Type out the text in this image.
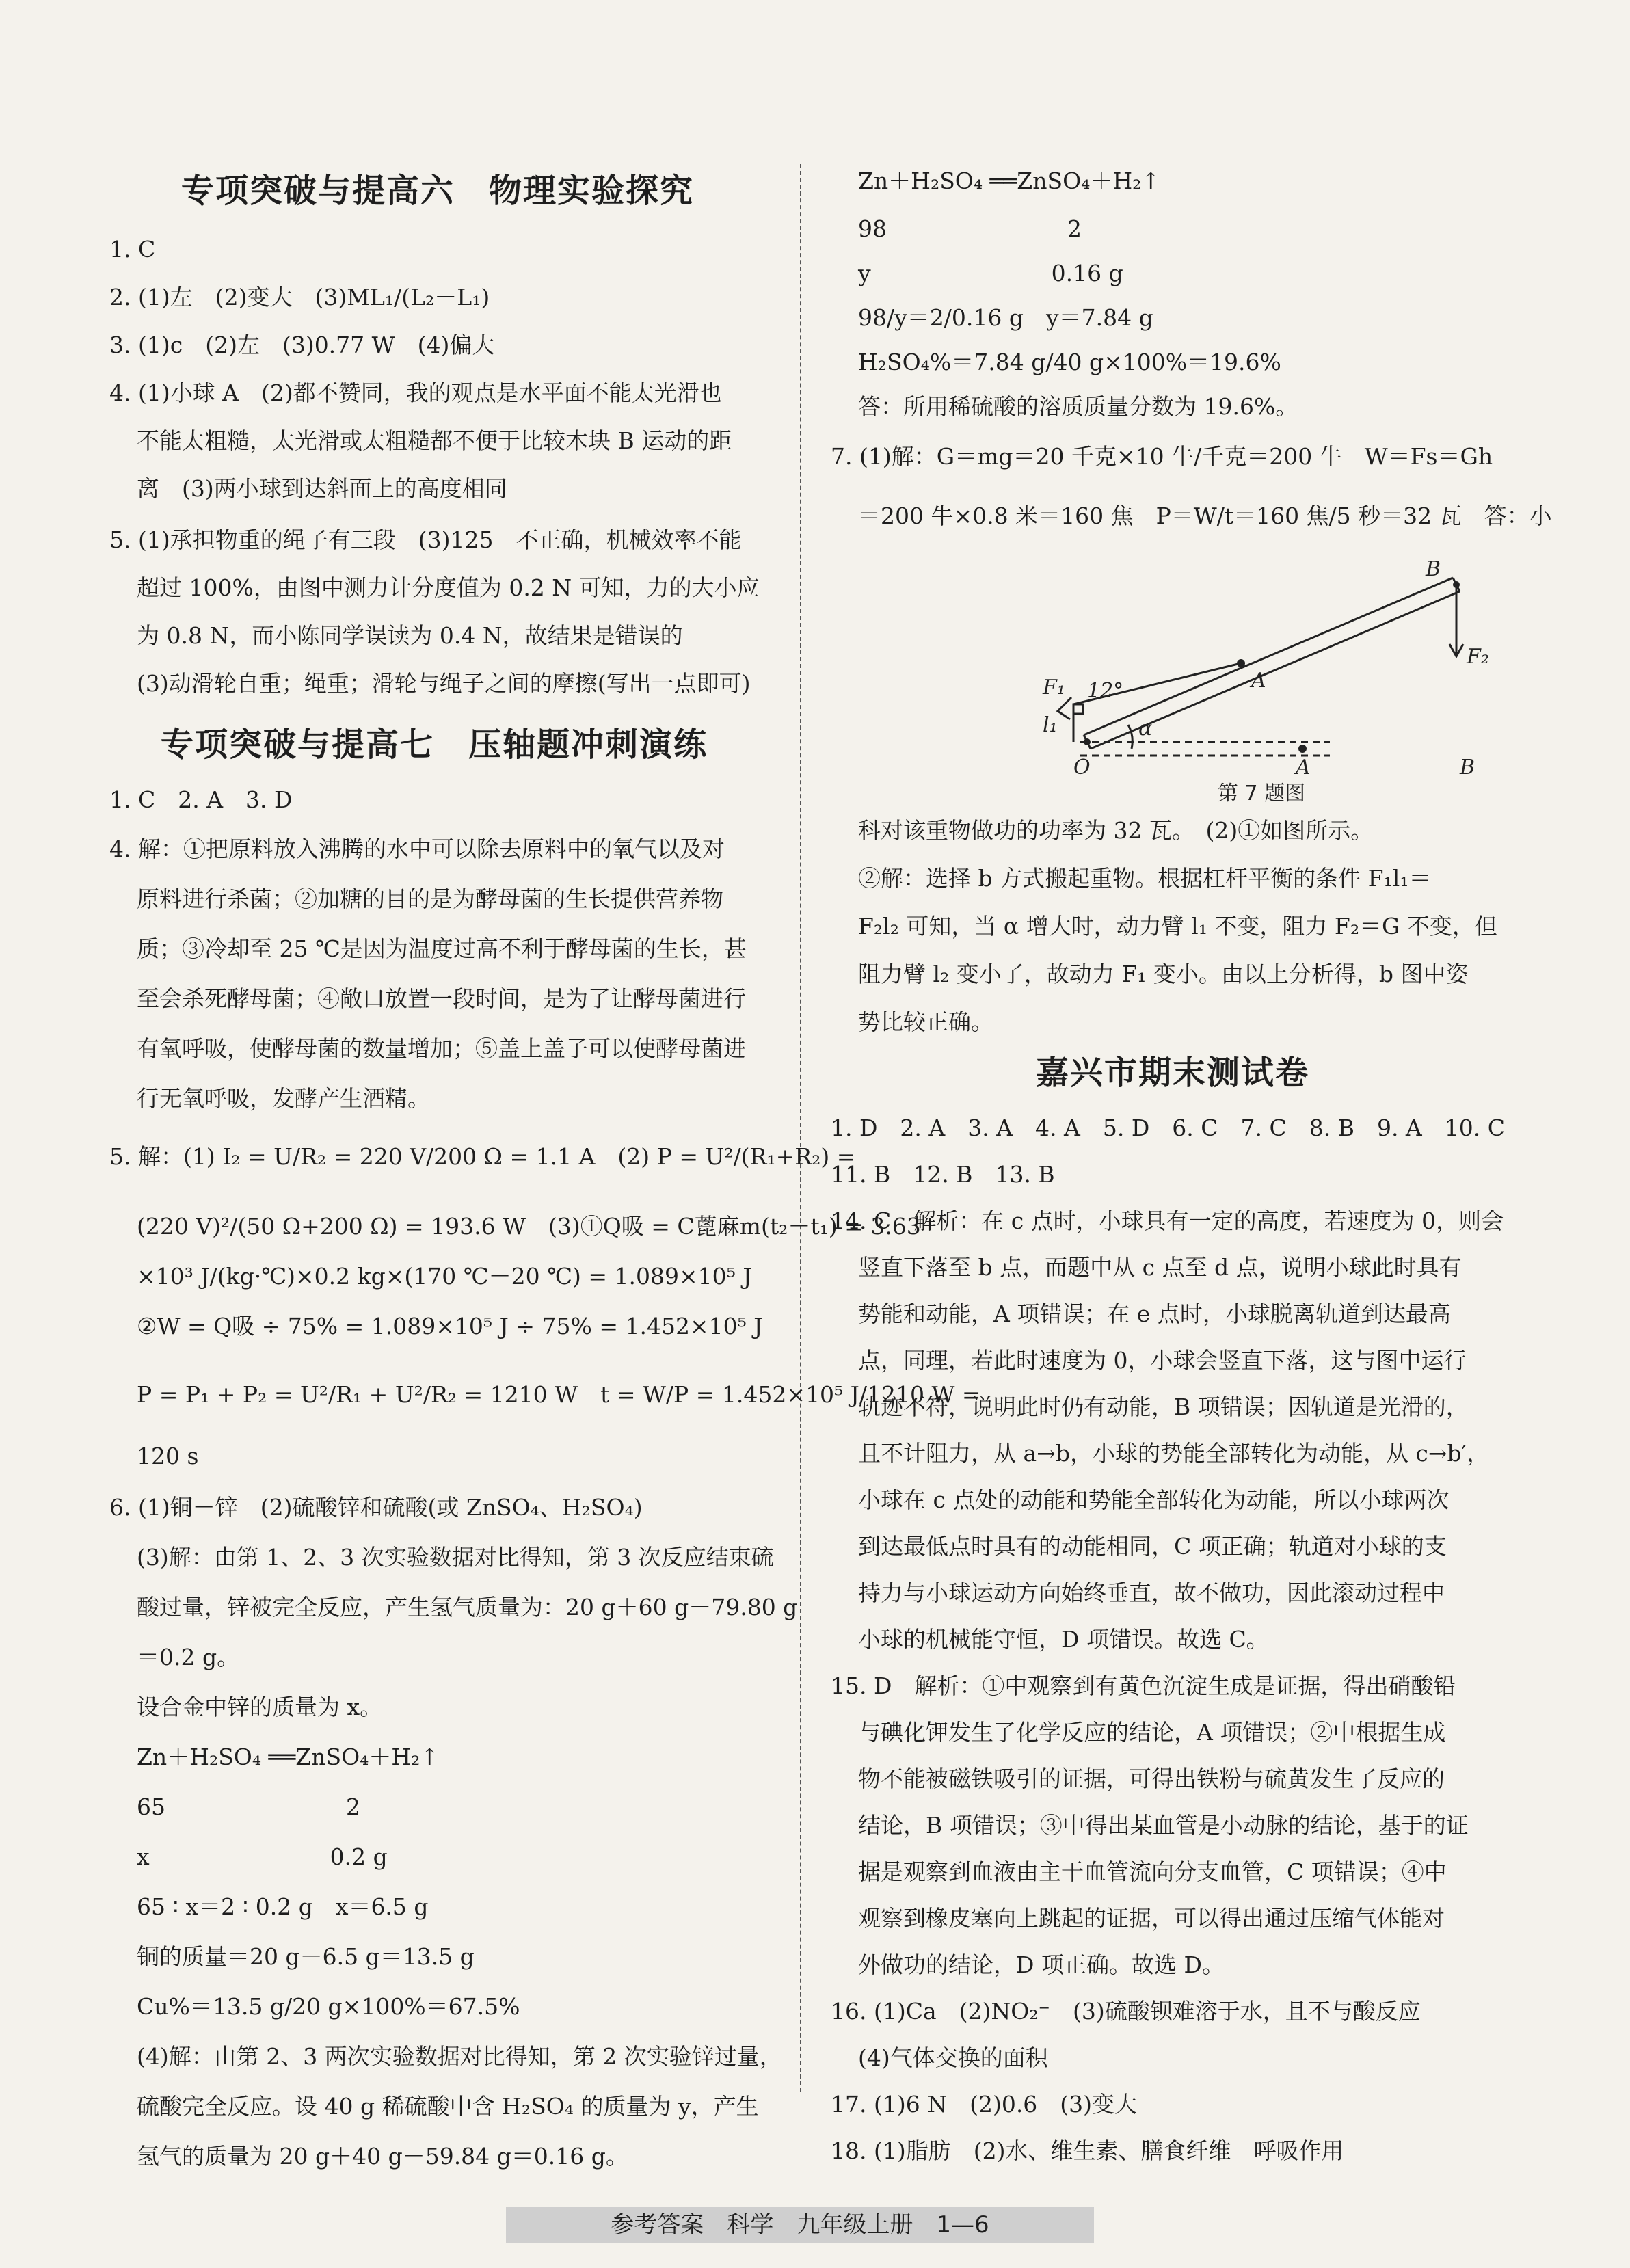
专项突破与提高六　物理实验探究

1. C

2. (1)左　(2)变大　(3)ML₁/(L₂－L₁)

3. (1)c　(2)左　(3)0.77 W　(4)偏大

4. (1)小球 A　(2)都不赞同，我的观点是水平面不能太光滑也

不能太粗糙，太光滑或太粗糙都不便于比较木块 B 运动的距

离　(3)两小球到达斜面上的高度相同

5. (1)承担物重的绳子有三段　(3)125　不正确，机械效率不能

超过 100%，由图中测力计分度值为 0.2 N 可知，力的大小应

为 0.8 N，而小陈同学误读为 0.4 N，故结果是错误的

(3)动滑轮自重；绳重；滑轮与绳子之间的摩擦(写出一点即可)

专项突破与提高七　压轴题冲刺演练

1. C　2. A　3. D

4. 解：①把原料放入沸腾的水中可以除去原料中的氧气以及对

原料进行杀菌；②加糖的目的是为酵母菌的生长提供营养物

质；③冷却至 25 ℃是因为温度过高不利于酵母菌的生长，甚

至会杀死酵母菌；④敞口放置一段时间，是为了让酵母菌进行

有氧呼吸，使酵母菌的数量增加；⑤盖上盖子可以使酵母菌进

行无氧呼吸，发酵产生酒精。

5. 解：(1) I₂ = U/R₂ = 220 V/200 Ω = 1.1 A　(2) P = U²/(R₁+R₂) =

(220 V)²/(50 Ω+200 Ω) = 193.6 W　(3)①Q吸 = C蓖麻m(t₂－t₁) = 3.63

×10³ J/(kg·℃)×0.2 kg×(170 ℃－20 ℃) = 1.089×10⁵ J

②W = Q吸 ÷ 75% = 1.089×10⁵ J ÷ 75% = 1.452×10⁵ J

P = P₁ + P₂ = U²/R₁ + U²/R₂ = 1210 W　t = W/P = 1.452×10⁵ J/1210 W =

120 s

6. (1)铜－锌　(2)硫酸锌和硫酸(或 ZnSO₄、H₂SO₄)

(3)解：由第 1、2、3 次实验数据对比得知，第 3 次反应结束硫

酸过量，锌被完全反应，产生氢气质量为：20 g＋60 g－79.80 g

＝0.2 g。

设合金中锌的质量为 x。

Zn＋H₂SO₄ ══ZnSO₄＋H₂↑

65　　　　　　　　2

x　　　　　　　　0.2 g

65 ∶ x＝2 ∶ 0.2 g　x＝6.5 g

铜的质量＝20 g－6.5 g＝13.5 g

Cu%＝13.5 g/20 g×100%＝67.5%

(4)解：由第 2、3 两次实验数据对比得知，第 2 次实验锌过量，

硫酸完全反应。设 40 g 稀硫酸中含 H₂SO₄ 的质量为 y，产生

氢气的质量为 20 g＋40 g－59.84 g＝0.16 g。

Zn＋H₂SO₄ ══ZnSO₄＋H₂↑

98　　　　　　　　2

y　　　　　　　　0.16 g

98/y＝2/0.16 g　y＝7.84 g

H₂SO₄%＝7.84 g/40 g×100%＝19.6%

答：所用稀硫酸的溶质质量分数为 19.6%。

7. (1)解：G＝mg＝20 千克×10 牛/千克＝200 牛　W＝Fs＝Gh

＝200 牛×0.8 米＝160 焦　P＝W/t＝160 焦/5 秒＝32 瓦　答：小

B
F₁ 12°	A
F₂
l₁	α
O	A	B
第 7 题图

科对该重物做功的功率为 32 瓦。　(2)①如图所示。

②解：选择 b 方式搬起重物。根据杠杆平衡的条件 F₁l₁＝

F₂l₂ 可知，当 α 增大时，动力臂 l₁ 不变，阻力 F₂＝G 不变，但

阻力臂 l₂ 变小了，故动力 F₁ 变小。由以上分析得，b 图中姿

势比较正确。

嘉兴市期末测试卷

1. D　2. A　3. A　4. A　5. D　6. C　7. C　8. B　9. A　10. C

11. B　12. B　13. B

14. C　解析：在 c 点时，小球具有一定的高度，若速度为 0，则会

竖直下落至 b 点，而题中从 c 点至 d 点，说明小球此时具有

势能和动能，A 项错误；在 e 点时，小球脱离轨道到达最高

点，同理，若此时速度为 0，小球会竖直下落，这与图中运行

轨迹不符，说明此时仍有动能，B 项错误；因轨道是光滑的，

且不计阻力，从 a→b，小球的势能全部转化为动能，从 c→b′，

小球在 c 点处的动能和势能全部转化为动能，所以小球两次

到达最低点时具有的动能相同，C 项正确；轨道对小球的支

持力与小球运动方向始终垂直，故不做功，因此滚动过程中

小球的机械能守恒，D 项错误。故选 C。

15. D　解析：①中观察到有黄色沉淀生成是证据，得出硝酸铅

与碘化钾发生了化学反应的结论，A 项错误；②中根据生成

物不能被磁铁吸引的证据，可得出铁粉与硫黄发生了反应的

结论，B 项错误；③中得出某血管是小动脉的结论，基于的证

据是观察到血液由主干血管流向分支血管，C 项错误；④中

观察到橡皮塞向上跳起的证据，可以得出通过压缩气体能对

外做功的结论，D 项正确。故选 D。

16. (1)Ca　(2)NO₂⁻　(3)硫酸钡难溶于水，且不与酸反应

(4)气体交换的面积

17. (1)6 N　(2)0.6　(3)变大

18. (1)脂肪　(2)水、维生素、膳食纤维　呼吸作用

参考答案　科学　九年级上册　1—6
